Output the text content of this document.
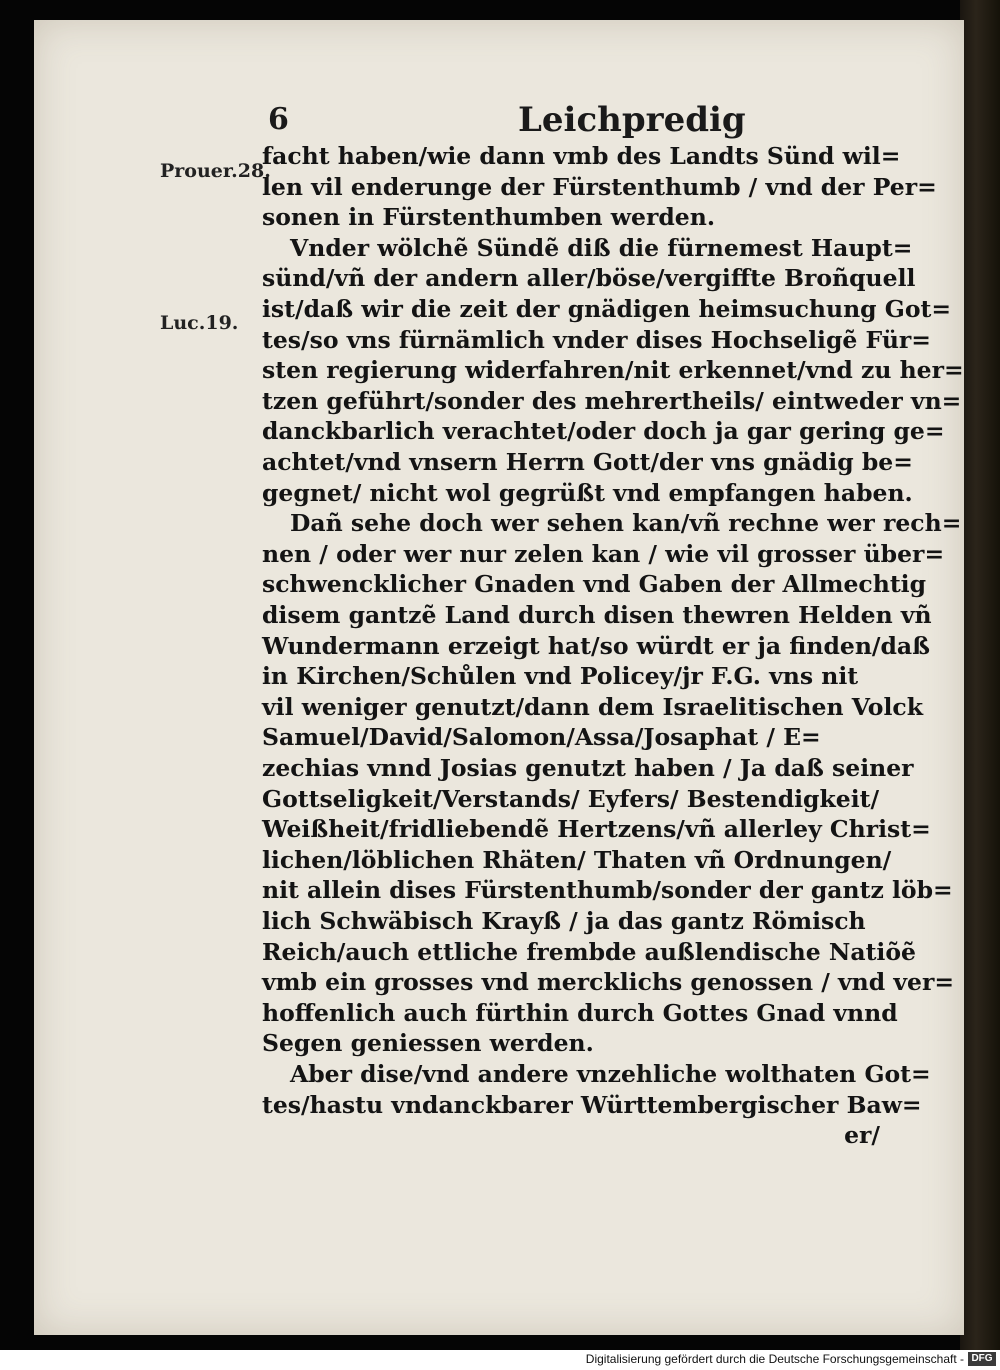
6	Leichpredig
Prouer.28.
Luc.19.
facht haben/wie dann vmb des Landts Sünd wil=
len vil enderunge der Fürstenthumb / vnd der Per=
sonen in Fürstenthumben werden.
Vnder wölchẽ Sündẽ diß die fürnemest Haupt=
sünd/vñ der andern aller/böse/vergiffte Broñquell
ist/daß wir die zeit der gnädigen heimsuchung Got=
tes/so vns fürnämlich vnder dises Hochseligẽ Für=
sten regierung widerfahren/nit erkennet/vnd zu her=
tzen geführt/sonder des mehrertheils/ eintweder vn=
danckbarlich verachtet/oder doch ja gar gering ge=
achtet/vnd vnsern Herrn Gott/der vns gnädig be=
gegnet/ nicht wol gegrüßt vnd empfangen haben.
Dañ sehe doch wer sehen kan/vñ rechne wer rech=
nen / oder wer nur zelen kan / wie vil grosser über=
schwencklicher Gnaden vnd Gaben der Allmechtig
disem gantzẽ Land durch disen thewren Helden vñ
Wundermann erzeigt hat/so würdt er ja finden/daß
in Kirchen/Schůlen vnd Policey/jr F.G. vns nit
vil weniger genutzt/dann dem Israelitischen Volck
Samuel/David/Salomon/Assa/Josaphat / E=
zechias vnnd Josias genutzt haben / Ja daß seiner
Gottseligkeit/Verstands/ Eyfers/ Bestendigkeit/
Weißheit/fridliebendẽ Hertzens/vñ allerley Christ=
lichen/löblichen Rhäten/ Thaten vñ Ordnungen/
nit allein dises Fürstenthumb/sonder der gantz löb=
lich Schwäbisch Krayß / ja das gantz Römisch
Reich/auch ettliche frembde außlendische Natiõẽ
vmb ein grosses vnd mercklichs genossen / vnd ver=
hoffenlich auch fürthin durch Gottes Gnad vnnd
Segen geniessen werden.
Aber dise/vnd andere vnzehliche wolthaten Got=
tes/hastu vndanckbarer Württembergischer Baw=
er/
Digitalisierung gefördert durch die Deutsche Forschungsgemeinschaft - DFG
